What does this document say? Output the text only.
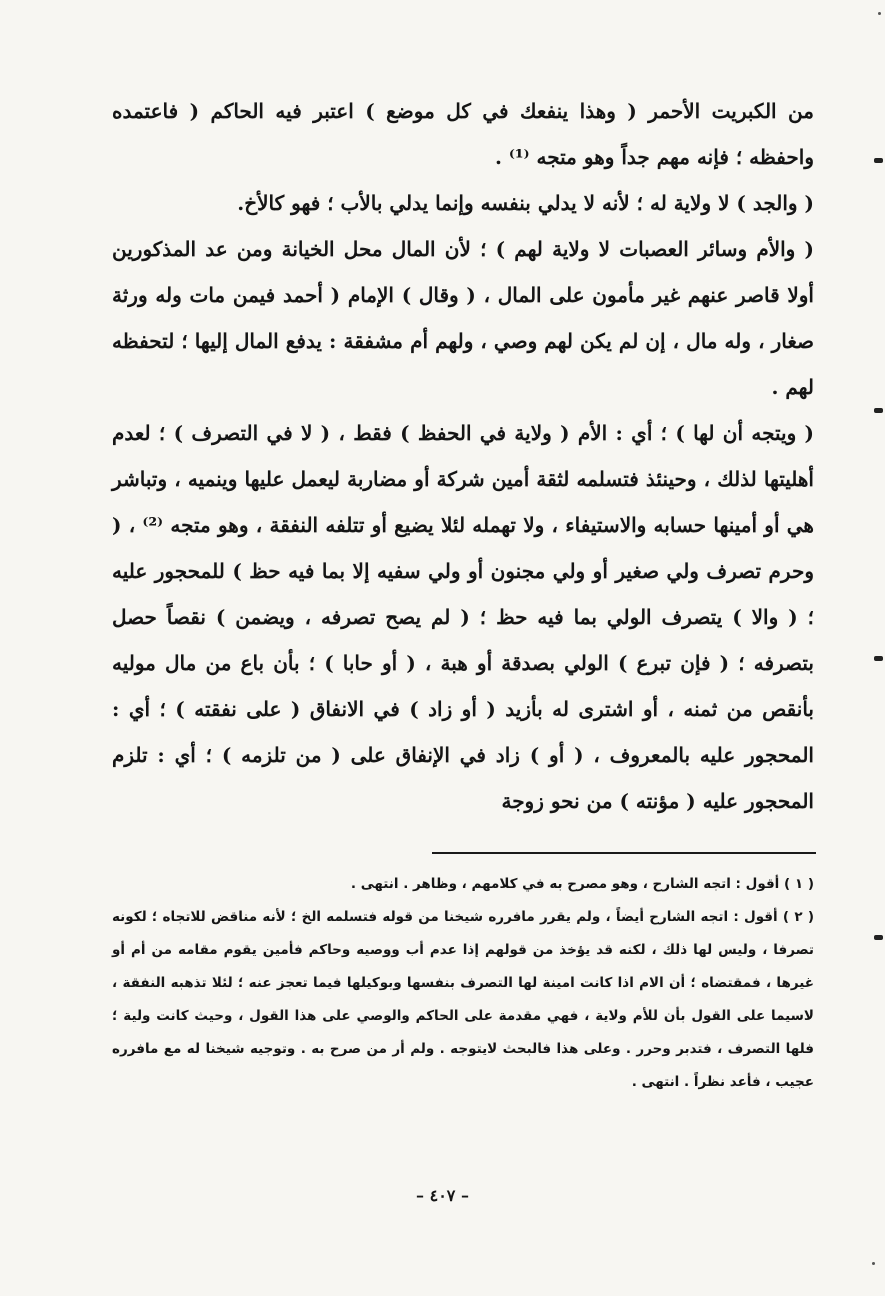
من الكبريت الأحمر ( وهذا ينفعك في كل موضع ) اعتبر فيه الحاكم ( فاعتمده واحفظه ؛ فإنه مهم جداً وهو متجه ⁽¹⁾ .

( والجد ) لا ولاية له ؛ لأنه لا يدلي بنفسه وإنما يدلي بالأب ؛ فهو كالأخ.

( والأم وسائر العصبات لا ولاية لهم ) ؛ لأن المال محل الخيانة ومن عد المذكورين أولا قاصر عنهم غير مأمون على المال ، ( وقال ) الإمام ( أحمد فيمن مات وله ورثة صغار ، وله مال ، إن لم يكن لهم وصي ، ولهم أم مشفقة : يدفع المال إليها ؛ لتحفظه لهم .

( ويتجه أن لها ) ؛ أي : الأم ( ولاية في الحفظ ) فقط ، ( لا في التصرف ) ؛ لعدم أهليتها لذلك ، وحينئذ فتسلمه لثقة أمين شركة أو مضاربة ليعمل عليها وينميه ، وتباشر هي أو أمينها حسابه والاستيفاء ، ولا تهمله لئلا يضيع أو تتلفه النفقة ، وهو متجه ⁽²⁾ ، ( وحرم تصرف ولي صغير أو ولي مجنون أو ولي سفيه إلا بما فيه حظ ) للمحجور عليه ؛ ( والا ) يتصرف الولي بما فيه حظ ؛ ( لم يصح تصرفه ، ويضمن ) نقصاً حصل بتصرفه ؛ ( فإن تبرع ) الولي بصدقة أو هبة ، ( أو حابا ) ؛ بأن باع من مال موليه بأنقص من ثمنه ، أو اشترى له بأزيد ( أو زاد ) في الانفاق ( على نفقته ) ؛ أي : المحجور عليه بالمعروف ، ( أو ) زاد في الإنفاق على ( من تلزمه ) ؛ أي : تلزم المحجور عليه ( مؤنته ) من نحو زوجة

( ١ ) أقول : اتجه الشارح ، وهو مصرح به في كلامهم ، وظاهر . انتهى .

( ٢ ) أقول : اتجه الشارح أيضاً ، ولم يقرر مافرره شيخنا من قوله فتسلمه الخ ؛ لأنه مناقض للاتجاه ؛ لكونه تصرفا ، وليس لها ذلك ، لكنه قد يؤخذ من قولهم إذا عدم أب ووصيه وحاكم فأمين يقوم مقامه من أم أو غيرها ، فمقتضاه ؛ أن الام اذا كانت امينة لها التصرف بنفسها وبوكيلها فيما تعجز عنه ؛ لئلا تذهبه النفقة ، لاسيما على القول بأن للأم ولاية ، فهي مقدمة على الحاكم والوصي على هذا القول ، وحيث كانت ولية ؛ فلها التصرف ، فتدبر وحرر . وعلى هذا فالبحث لايتوجه . ولم أر من صرح به . وتوجيه شيخنا له مع مافرره عجيب ، فأعد نظراً . انتهى .

– ٤٠٧ –
